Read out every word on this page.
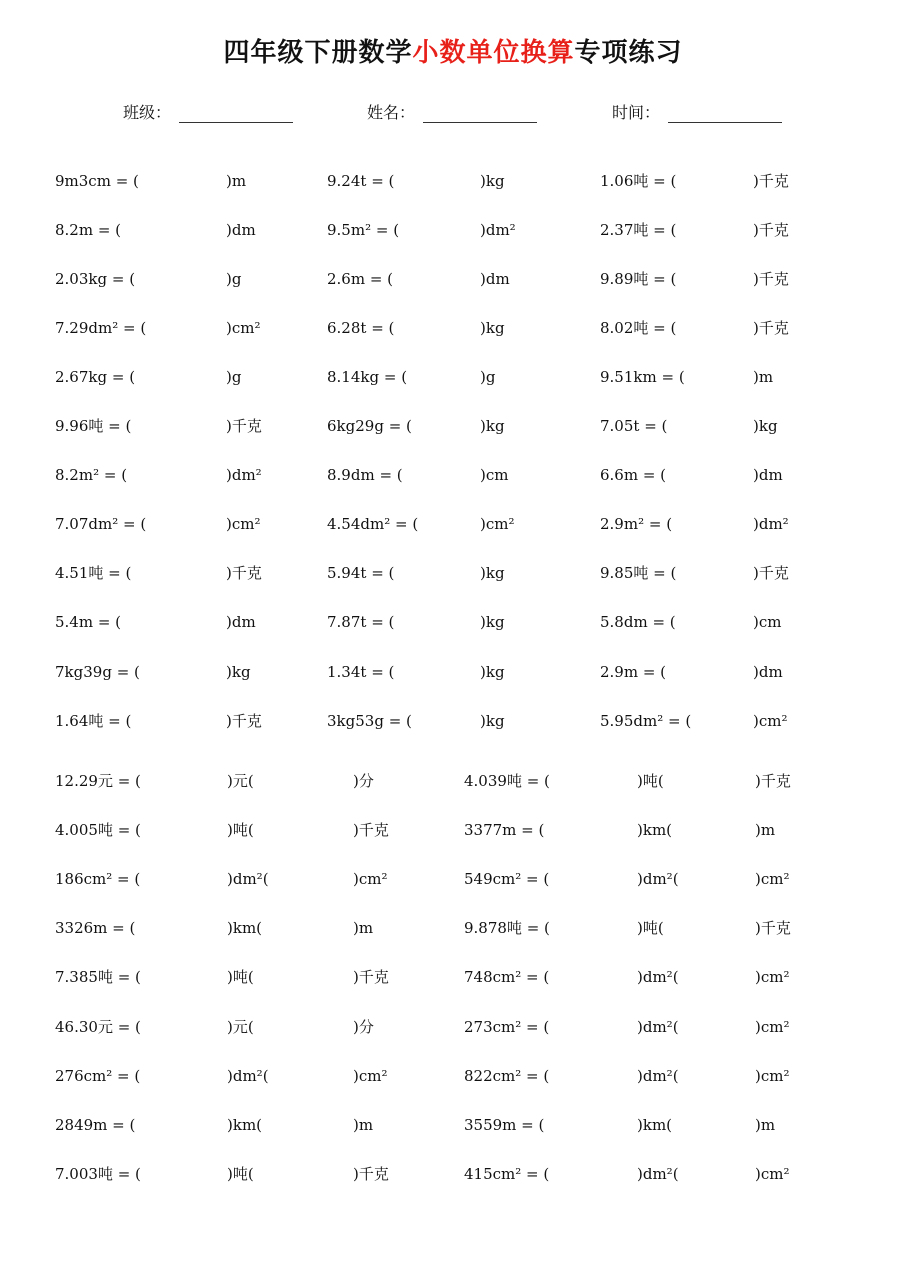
四年级下册数学小数单位换算专项练习
班级：	姓名：	时间：
9m3cm = (	)m	9.24t = (	)kg	1.06吨 = (	)千克
8.2m = (	)dm	9.5m² = (	)dm²	2.37吨 = (	)千克
2.03kg = (	)g	2.6m = (	)dm	9.89吨 = (	)千克
7.29dm² = (	)cm²	6.28t = (	)kg	8.02吨 = (	)千克
2.67kg = (	)g	8.14kg = (	)g	9.51km = (	)m
9.96吨 = (	)千克	6kg29g = (	)kg	7.05t = (	)kg
8.2m² = (	)dm²	8.9dm = (	)cm	6.6m = (	)dm
7.07dm² = (	)cm²	4.54dm² = (	)cm²	2.9m² = (	)dm²
4.51吨 = (	)千克	5.94t = (	)kg	9.85吨 = (	)千克
5.4m = (	)dm	7.87t = (	)kg	5.8dm = (	)cm
7kg39g = (	)kg	1.34t = (	)kg	2.9m = (	)dm
1.64吨 = (	)千克	3kg53g = (	)kg	5.95dm² = (	)cm²
12.29元 = (	)元(	)分	4.039吨 = (	)吨(	)千克
4.005吨 = (	)吨(	)千克	3377m = (	)km(	)m
186cm² = (	)dm²(	)cm²	549cm² = (	)dm²(	)cm²
3326m = (	)km(	)m	9.878吨 = (	)吨(	)千克
7.385吨 = (	)吨(	)千克	748cm² = (	)dm²(	)cm²
46.30元 = (	)元(	)分	273cm² = (	)dm²(	)cm²
276cm² = (	)dm²(	)cm²	822cm² = (	)dm²(	)cm²
2849m = (	)km(	)m	3559m = (	)km(	)m
7.003吨 = (	)吨(	)千克	415cm² = (	)dm²(	)cm²
